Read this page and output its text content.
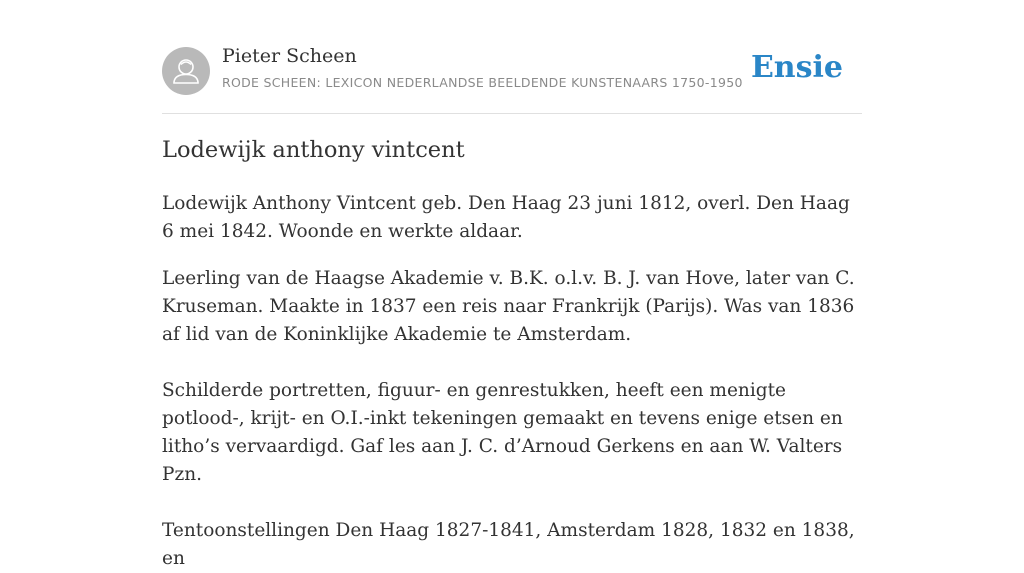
Pieter Scheen
RODE SCHEEN: LEXICON NEDERLANDSE BEELDENDE KUNSTENAARS 1750-1950 Ensie
Lodewijk anthony vintcent

Lodewijk Anthony Vintcent geb. Den Haag 23 juni 1812, overl. Den Haag 6 mei 1842. Woonde en werkte aldaar.

Leerling van de Haagse Akademie v. B.K. o.l.v. B. J. van Hove, later van C. Kruseman. Maakte in 1837 een reis naar Frankrijk (Parijs). Was van 1836 af lid van de Koninklijke Akademie te Amsterdam.

Schilderde portretten, figuur- en genrestukken, heeft een menigte potlood-, krijt- en O.I.-inkt tekeningen gemaakt en tevens enige etsen en litho’s vervaardigd. Gaf les aan J. C. d’Arnoud Gerkens en aan W. Valters Pzn.

Tentoonstellingen Den Haag 1827-1841, Amsterdam 1828, 1832 en 1838, en
